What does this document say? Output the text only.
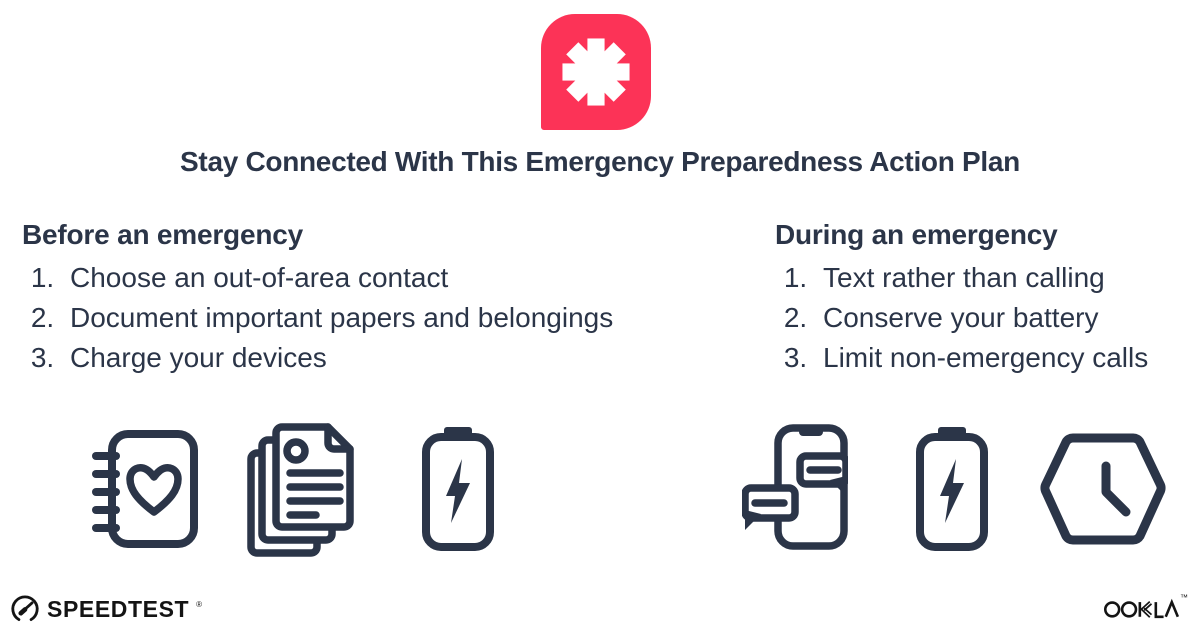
Stay Connected With This Emergency Preparedness Action Plan
Before an emergency
1. Choose an out-of-area contact
2. Document important papers and belongings
3. Charge your devices
During an emergency
1. Text rather than calling
2. Conserve your battery
3. Limit non-emergency calls
SPEEDTEST ®
™
